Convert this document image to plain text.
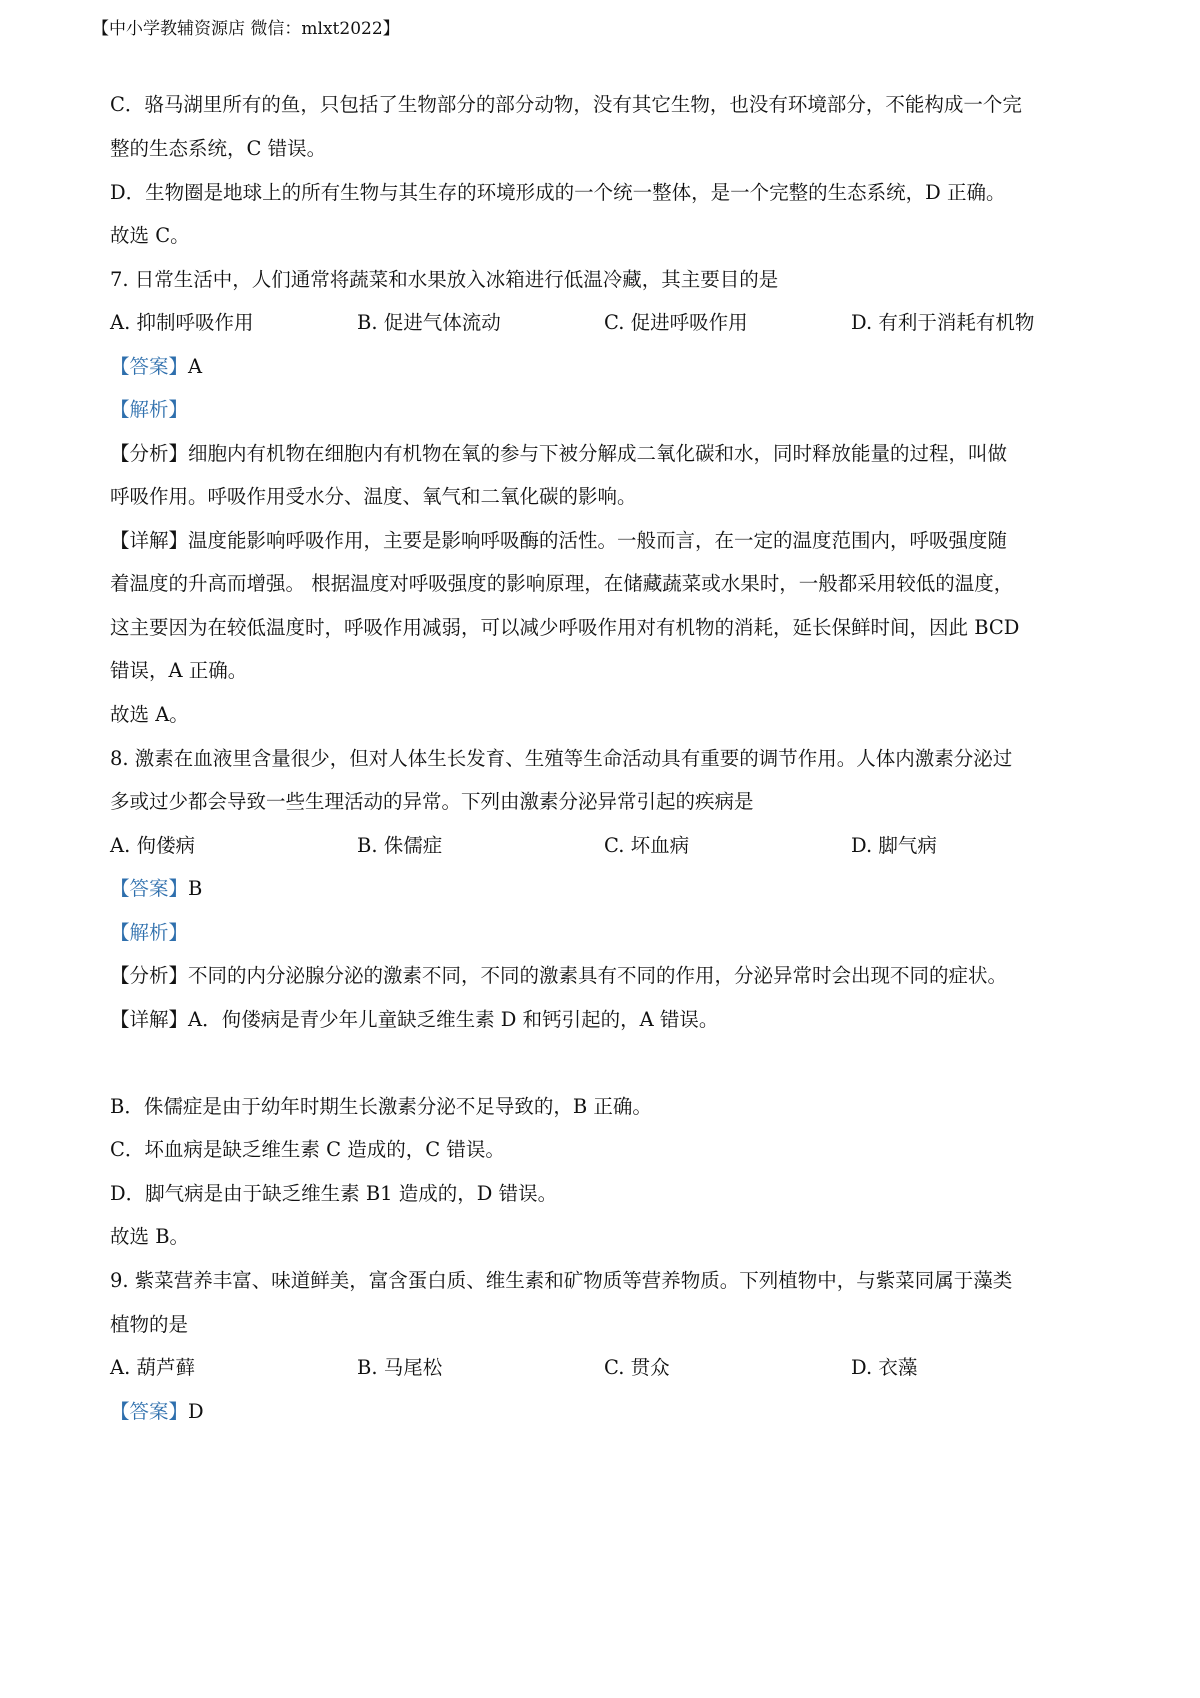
【中小学教辅资源店 微信：mlxt2022】
C．骆马湖里所有的鱼，只包括了生物部分的部分动物，没有其它生物，也没有环境部分，不能构成一个完
整的生态系统，C 错误。
D．生物圈是地球上的所有生物与其生存的环境形成的一个统一整体，是一个完整的生态系统，D 正确。
故选 C。
7. 日常生活中，人们通常将蔬菜和水果放入冰箱进行低温冷藏，其主要目的是
A. 抑制呼吸作用	B. 促进气体流动	C. 促进呼吸作用	D. 有利于消耗有机物
【答案】A
【解析】
【分析】细胞内有机物在细胞内有机物在氧的参与下被分解成二氧化碳和水，同时释放能量的过程，叫做
呼吸作用。呼吸作用受水分、温度、氧气和二氧化碳的影响。
【详解】温度能影响呼吸作用，主要是影响呼吸酶的活性。一般而言，在一定的温度范围内，呼吸强度随
着温度的升高而增强。 根据温度对呼吸强度的影响原理，在储藏蔬菜或水果时，一般都采用较低的温度，
这主要因为在较低温度时，呼吸作用减弱，可以减少呼吸作用对有机物的消耗，延长保鲜时间，因此 BCD
错误，A 正确。
故选 A。
8. 激素在血液里含量很少，但对人体生长发育、生殖等生命活动具有重要的调节作用。人体内激素分泌过
多或过少都会导致一些生理活动的异常。下列由激素分泌异常引起的疾病是
A. 佝偻病	B. 侏儒症	C. 坏血病	D. 脚气病
【答案】B
【解析】
【分析】不同的内分泌腺分泌的激素不同，不同的激素具有不同的作用，分泌异常时会出现不同的症状。
【详解】A．佝偻病是青少年儿童缺乏维生素 D 和钙引起的，A 错误。
B．侏儒症是由于幼年时期生长激素分泌不足导致的，B 正确。
C．坏血病是缺乏维生素 C 造成的，C 错误。
D．脚气病是由于缺乏维生素 B1 造成的，D 错误。
故选 B。
9. 紫菜营养丰富、味道鲜美，富含蛋白质、维生素和矿物质等营养物质。下列植物中，与紫菜同属于藻类
植物的是
A. 葫芦藓	B. 马尾松	C. 贯众	D. 衣藻
【答案】D
